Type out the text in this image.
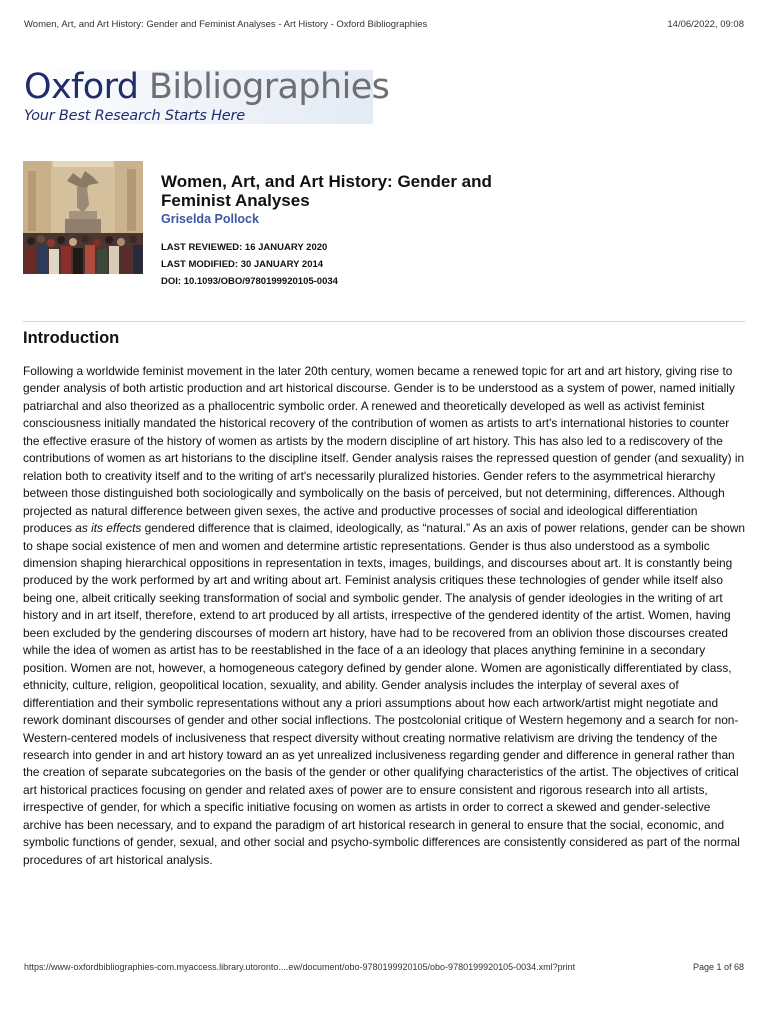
Women, Art, and Art History: Gender and Feminist Analyses - Art History - Oxford Bibliographies	14/06/2022, 09:08
Oxford Bibliographies
Your Best Research Starts Here
Women, Art, and Art History: Gender and Feminist Analyses
Griselda Pollock
LAST REVIEWED: 16 JANUARY 2020
LAST MODIFIED: 30 JANUARY 2014
DOI: 10.1093/OBO/9780199920105-0034
Introduction

Following a worldwide feminist movement in the later 20th century, women became a renewed topic for art and art history, giving rise to gender analysis of both artistic production and art historical discourse. Gender is to be understood as a system of power, named initially patriarchal and also theorized as a phallocentric symbolic order. A renewed and theoretically developed as well as activist feminist consciousness initially mandated the historical recovery of the contribution of women as artists to art's international histories to counter the effective erasure of the history of women as artists by the modern discipline of art history. This has also led to a rediscovery of the contributions of women as art historians to the discipline itself. Gender analysis raises the repressed question of gender (and sexuality) in relation both to creativity itself and to the writing of art's necessarily pluralized histories. Gender refers to the asymmetrical hierarchy between those distinguished both sociologically and symbolically on the basis of perceived, but not determining, differences. Although projected as natural difference between given sexes, the active and productive processes of social and ideological differentiation produces as its effects gendered difference that is claimed, ideologically, as “natural.” As an axis of power relations, gender can be shown to shape social existence of men and women and determine artistic representations. Gender is thus also understood as a symbolic dimension shaping hierarchical oppositions in representation in texts, images, buildings, and discourses about art. It is constantly being produced by the work performed by art and writing about art. Feminist analysis critiques these technologies of gender while itself also being one, albeit critically seeking transformation of social and symbolic gender. The analysis of gender ideologies in the writing of art history and in art itself, therefore, extend to art produced by all artists, irrespective of the gendered identity of the artist. Women, having been excluded by the gendering discourses of modern art history, have had to be recovered from an oblivion those discourses created while the idea of women as artist has to be reestablished in the face of a an ideology that places anything feminine in a secondary position. Women are not, however, a homogeneous category defined by gender alone. Women are agonistically differentiated by class, ethnicity, culture, religion, geopolitical location, sexuality, and ability. Gender analysis includes the interplay of several axes of differentiation and their symbolic representations without any a priori assumptions about how each artwork/artist might negotiate and rework dominant discourses of gender and other social inflections. The postcolonial critique of Western hegemony and a search for non-Western-centered models of inclusiveness that respect diversity without creating normative relativism are driving the tendency of the research into gender in and art history toward an as yet unrealized inclusiveness regarding gender and difference in general rather than the creation of separate subcategories on the basis of the gender or other qualifying characteristics of the artist. The objectives of critical art historical practices focusing on gender and related axes of power are to ensure consistent and rigorous research into all artists, irrespective of gender, for which a specific initiative focusing on women as artists in order to correct a skewed and gender-selective archive has been necessary, and to expand the paradigm of art historical research in general to ensure that the social, economic, and symbolic functions of gender, sexual, and other social and psycho-symbolic differences are consistently considered as part of the normal procedures of art historical analysis.

https://www-oxfordbibliographies-com.myaccess.library.utoronto....ew/document/obo-9780199920105/obo-9780199920105-0034.xml?print	Page 1 of 68
